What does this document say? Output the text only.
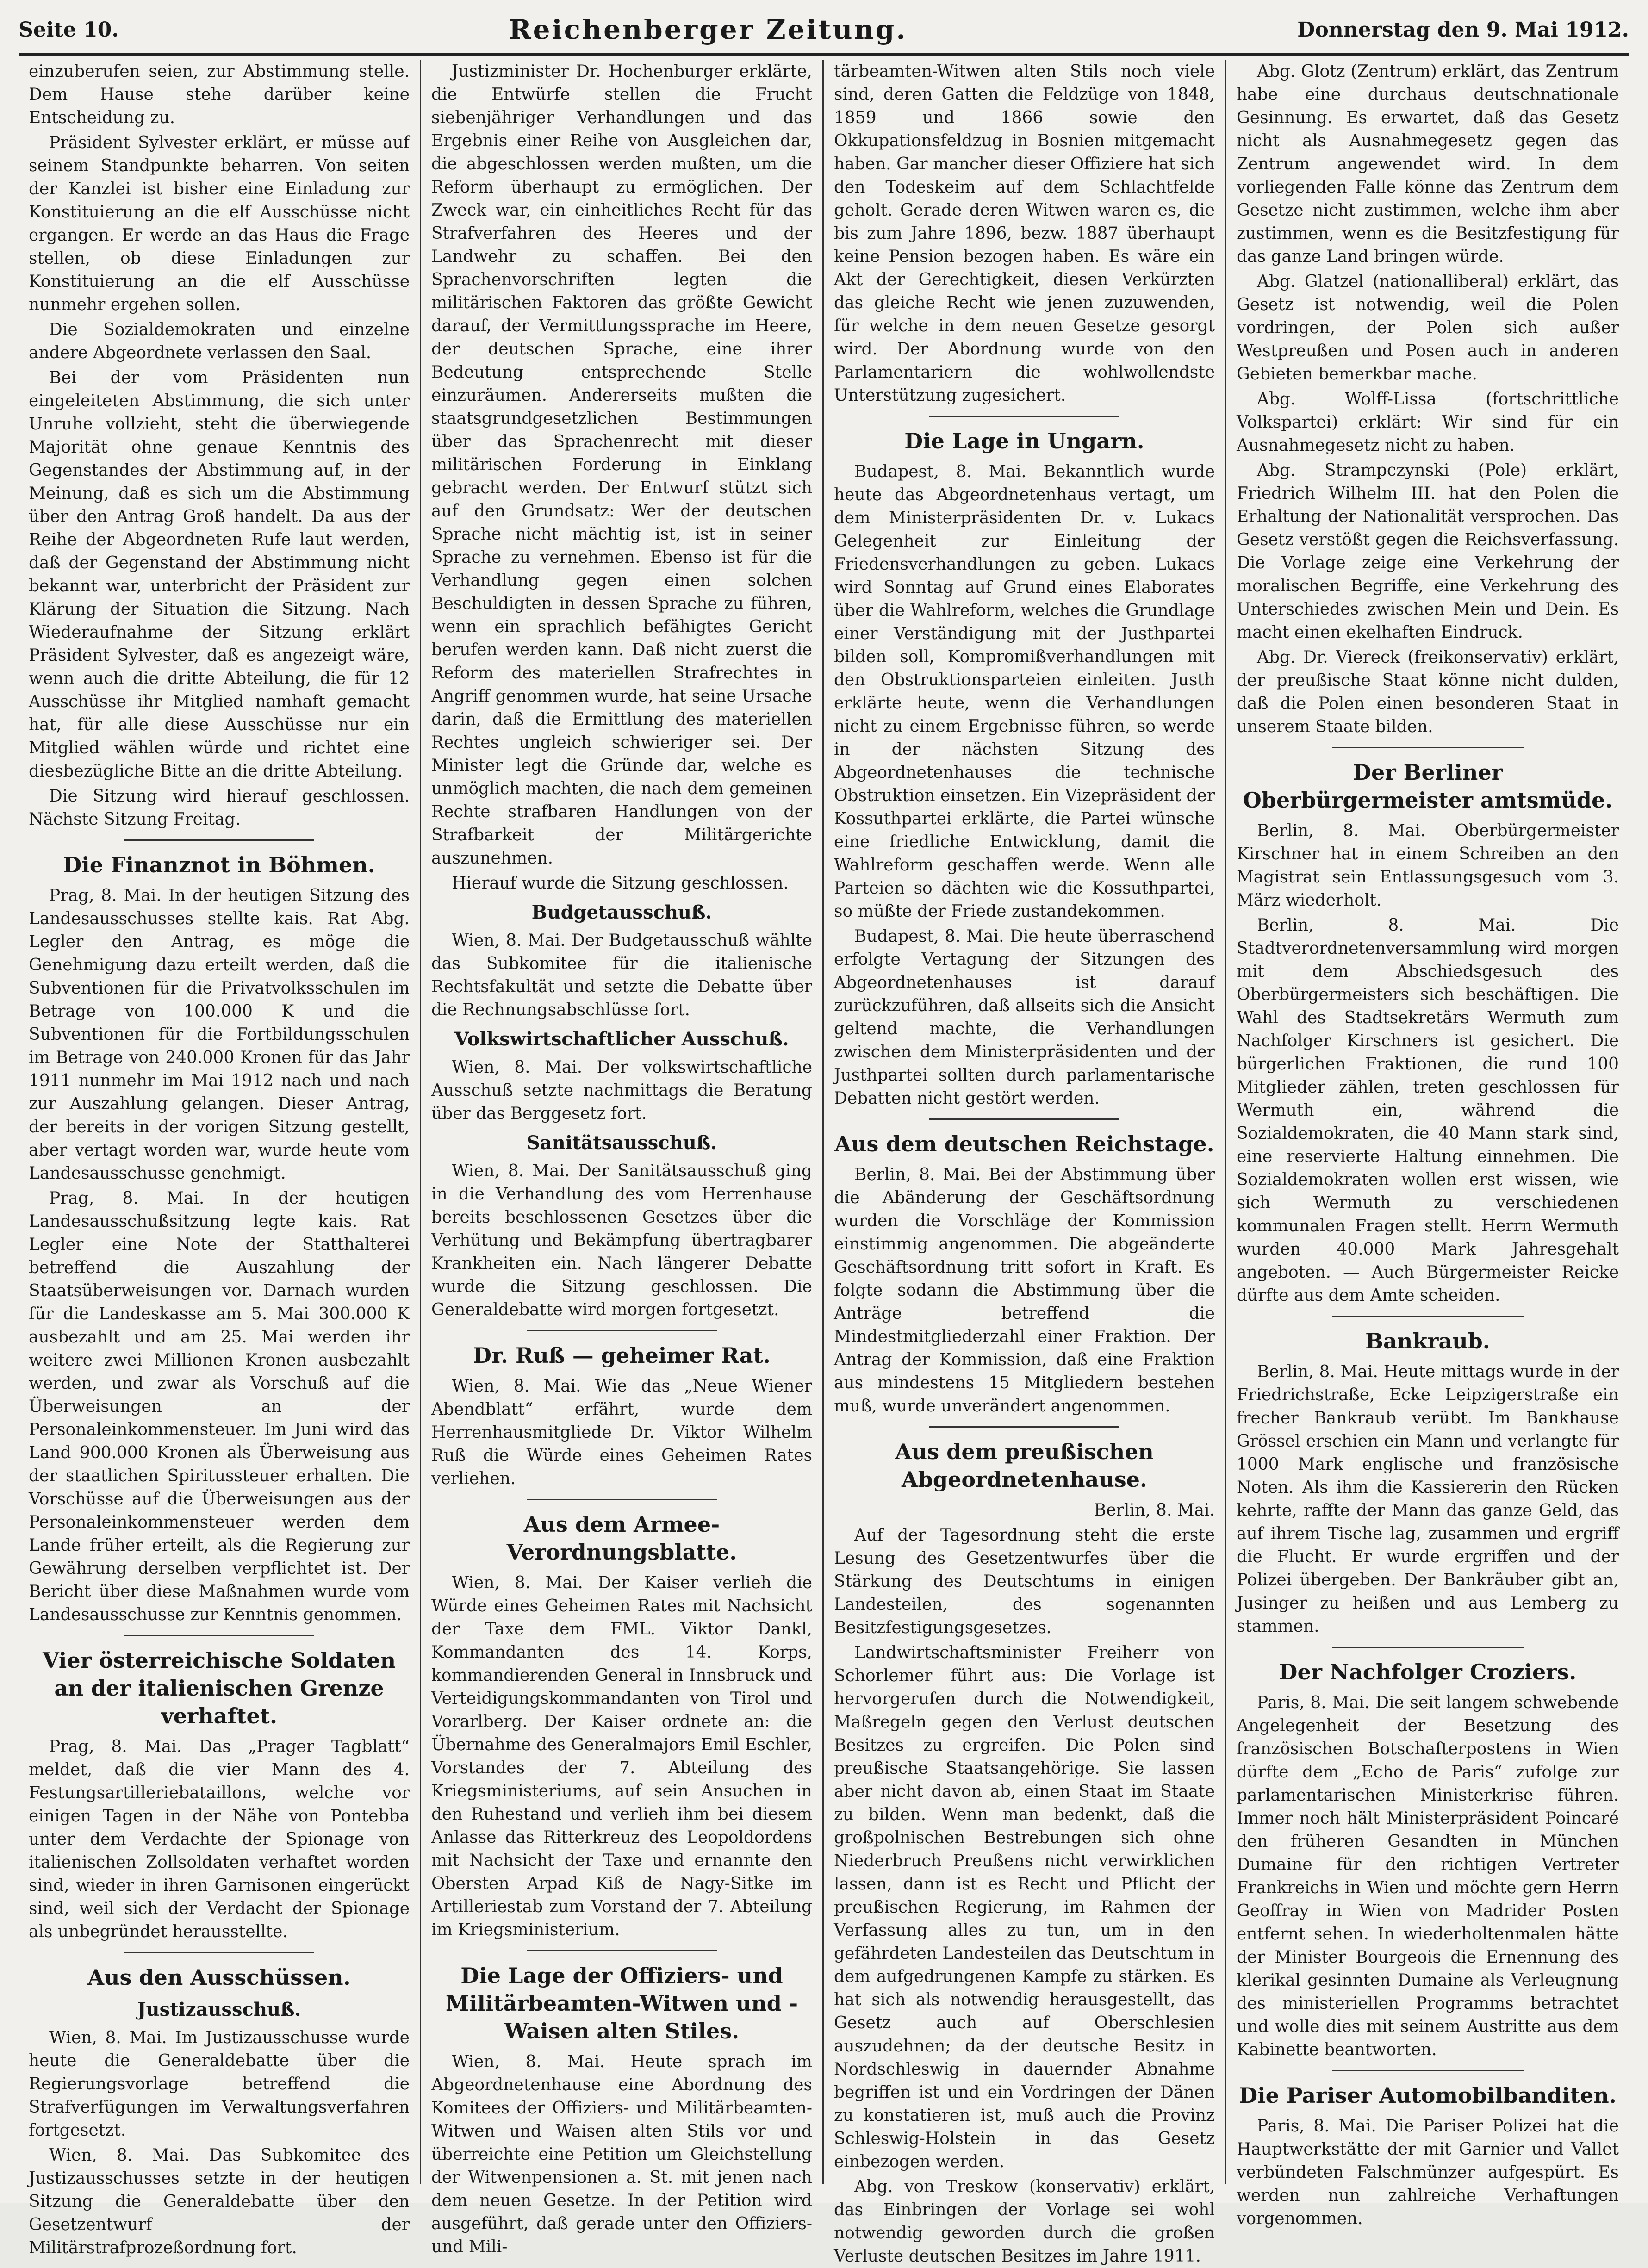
Seite 10.	Reichenberger Zeitung.	Donnerstag den 9. Mai 1912.

einzuberufen seien, zur Abstimmung stelle. Dem Hause stehe darüber keine Entscheidung zu.

Präsident Sylvester erklärt, er müsse auf seinem Standpunkte beharren. Von seiten der Kanzlei ist bisher eine Einladung zur Konstituierung an die elf Ausschüsse nicht ergangen. Er werde an das Haus die Frage stellen, ob diese Einladungen zur Konstituierung an die elf Ausschüsse nunmehr ergehen sollen.

Die Sozialdemokraten und einzelne andere Abgeordnete verlassen den Saal.

Bei der vom Präsidenten nun eingeleiteten Abstimmung, die sich unter Unruhe vollzieht, steht die überwiegende Majorität ohne genaue Kenntnis des Gegenstandes der Abstimmung auf, in der Meinung, daß es sich um die Abstimmung über den Antrag Groß handelt. Da aus der Reihe der Abgeordneten Rufe laut werden, daß der Gegenstand der Abstimmung nicht bekannt war, unterbricht der Präsident zur Klärung der Situation die Sitzung. Nach Wiederaufnahme der Sitzung erklärt Präsident Sylvester, daß es angezeigt wäre, wenn auch die dritte Abteilung, die für 12 Ausschüsse ihr Mitglied namhaft gemacht hat, für alle diese Ausschüsse nur ein Mitglied wählen würde und richtet eine diesbezügliche Bitte an die dritte Abteilung.

Die Sitzung wird hierauf geschlossen. Nächste Sitzung Freitag.

Die Finanznot in Böhmen.

Prag, 8. Mai. In der heutigen Sitzung des Landesausschusses stellte kais. Rat Abg. Legler den Antrag, es möge die Genehmigung dazu erteilt werden, daß die Subventionen für die Privatvolksschulen im Betrage von 100.000 K und die Subventionen für die Fortbildungsschulen im Betrage von 240.000 Kronen für das Jahr 1911 nunmehr im Mai 1912 nach und nach zur Auszahlung gelangen. Dieser Antrag, der bereits in der vorigen Sitzung gestellt, aber vertagt worden war, wurde heute vom Landesausschusse genehmigt.

Prag, 8. Mai. In der heutigen Landesausschußsitzung legte kais. Rat Legler eine Note der Statthalterei betreffend die Auszahlung der Staatsüberweisungen vor. Darnach wurden für die Landeskasse am 5. Mai 300.000 K ausbezahlt und am 25. Mai werden ihr weitere zwei Millionen Kronen ausbezahlt werden, und zwar als Vorschuß auf die Überweisungen an der Personaleinkommensteuer. Im Juni wird das Land 900.000 Kronen als Überweisung aus der staatlichen Spiritussteuer erhalten. Die Vorschüsse auf die Überweisungen aus der Personaleinkommensteuer werden dem Lande früher erteilt, als die Regierung zur Gewährung derselben verpflichtet ist. Der Bericht über diese Maßnahmen wurde vom Landesausschusse zur Kenntnis genommen.

Vier österreichische Soldaten an der italienischen Grenze verhaftet.

Prag, 8. Mai. Das „Prager Tagblatt“ meldet, daß die vier Mann des 4. Festungsartilleriebataillons, welche vor einigen Tagen in der Nähe von Pontebba unter dem Verdachte der Spionage von italienischen Zollsoldaten verhaftet worden sind, wieder in ihren Garnisonen eingerückt sind, weil sich der Verdacht der Spionage als unbegründet herausstellte.

Aus den Ausschüssen.
Justizausschuß.

Wien, 8. Mai. Im Justizausschusse wurde heute die Generaldebatte über die Regierungsvorlage betreffend die Strafverfügungen im Verwaltungsverfahren fortgesetzt.

Wien, 8. Mai. Das Subkomitee des Justizausschusses setzte in der heutigen Sitzung die Generaldebatte über den Gesetzentwurf der Militärstrafprozeßordnung fort.

Justizminister Dr. Hochenburger erklärte, die Entwürfe stellen die Frucht siebenjähriger Verhandlungen und das Ergebnis einer Reihe von Ausgleichen dar, die abgeschlossen werden mußten, um die Reform überhaupt zu ermöglichen. Der Zweck war, ein einheitliches Recht für das Strafverfahren des Heeres und der Landwehr zu schaffen. Bei den Sprachenvorschriften legten die militärischen Faktoren das größte Gewicht darauf, der Vermittlungssprache im Heere, der deutschen Sprache, eine ihrer Bedeutung entsprechende Stelle einzuräumen. Andererseits mußten die staatsgrundgesetzlichen Bestimmungen über das Sprachenrecht mit dieser militärischen Forderung in Einklang gebracht werden. Der Entwurf stützt sich auf den Grundsatz: Wer der deutschen Sprache nicht mächtig ist, ist in seiner Sprache zu vernehmen. Ebenso ist für die Verhandlung gegen einen solchen Beschuldigten in dessen Sprache zu führen, wenn ein sprachlich befähigtes Gericht berufen werden kann. Daß nicht zuerst die Reform des materiellen Strafrechtes in Angriff genommen wurde, hat seine Ursache darin, daß die Ermittlung des materiellen Rechtes ungleich schwieriger sei. Der Minister legt die Gründe dar, welche es unmöglich machten, die nach dem gemeinen Rechte strafbaren Handlungen von der Strafbarkeit der Militärgerichte auszunehmen.

Hierauf wurde die Sitzung geschlossen.

Budgetausschuß.

Wien, 8. Mai. Der Budgetausschuß wählte das Subkomitee für die italienische Rechtsfakultät und setzte die Debatte über die Rechnungsabschlüsse fort.

Volkswirtschaftlicher Ausschuß.

Wien, 8. Mai. Der volkswirtschaftliche Ausschuß setzte nachmittags die Beratung über das Berggesetz fort.

Sanitätsausschuß.

Wien, 8. Mai. Der Sanitätsausschuß ging in die Verhandlung des vom Herrenhause bereits beschlossenen Gesetzes über die Verhütung und Bekämpfung übertragbarer Krankheiten ein. Nach längerer Debatte wurde die Sitzung geschlossen. Die Generaldebatte wird morgen fortgesetzt.

Dr. Ruß — geheimer Rat.

Wien, 8. Mai. Wie das „Neue Wiener Abendblatt“ erfährt, wurde dem Herrenhausmitgliede Dr. Viktor Wilhelm Ruß die Würde eines Geheimen Rates verliehen.

Aus dem Armee-Verordnungsblatte.

Wien, 8. Mai. Der Kaiser verlieh die Würde eines Geheimen Rates mit Nachsicht der Taxe dem FML. Viktor Dankl, Kommandanten des 14. Korps, kommandierenden General in Innsbruck und Verteidigungskommandanten von Tirol und Vorarlberg. Der Kaiser ordnete an: die Übernahme des Generalmajors Emil Eschler, Vorstandes der 7. Abteilung des Kriegsministeriums, auf sein Ansuchen in den Ruhestand und verlieh ihm bei diesem Anlasse das Ritterkreuz des Leopoldordens mit Nachsicht der Taxe und ernannte den Obersten Arpad Kiß de Nagy-Sitke im Artilleriestab zum Vorstand der 7. Abteilung im Kriegsministerium.

Die Lage der Offiziers- und Militärbeamten-Witwen und -Waisen alten Stiles.

Wien, 8. Mai. Heute sprach im Abgeordnetenhause eine Abordnung des Komitees der Offiziers- und Militärbeamten-Witwen und Waisen alten Stils vor und überreichte eine Petition um Gleichstellung der Witwenpensionen a. St. mit jenen nach dem neuen Gesetze. In der Petition wird ausgeführt, daß gerade unter den Offiziers- und Mili-

tärbeamten-Witwen alten Stils noch viele sind, deren Gatten die Feldzüge von 1848, 1859 und 1866 sowie den Okkupationsfeldzug in Bosnien mitgemacht haben. Gar mancher dieser Offiziere hat sich den Todeskeim auf dem Schlachtfelde geholt. Gerade deren Witwen waren es, die bis zum Jahre 1896, bezw. 1887 überhaupt keine Pension bezogen haben. Es wäre ein Akt der Gerechtigkeit, diesen Verkürzten das gleiche Recht wie jenen zuzuwenden, für welche in dem neuen Gesetze gesorgt wird. Der Abordnung wurde von den Parlamentariern die wohlwollendste Unterstützung zugesichert.

Die Lage in Ungarn.

Budapest, 8. Mai. Bekanntlich wurde heute das Abgeordnetenhaus vertagt, um dem Ministerpräsidenten Dr. v. Lukacs Gelegenheit zur Einleitung der Friedensverhandlungen zu geben. Lukacs wird Sonntag auf Grund eines Elaborates über die Wahlreform, welches die Grundlage einer Verständigung mit der Justhpartei bilden soll, Kompromißverhandlungen mit den Obstruktionsparteien einleiten. Justh erklärte heute, wenn die Verhandlungen nicht zu einem Ergebnisse führen, so werde in der nächsten Sitzung des Abgeordnetenhauses die technische Obstruktion einsetzen. Ein Vizepräsident der Kossuthpartei erklärte, die Partei wünsche eine friedliche Entwicklung, damit die Wahlreform geschaffen werde. Wenn alle Parteien so dächten wie die Kossuthpartei, so müßte der Friede zustandekommen.

Budapest, 8. Mai. Die heute überraschend erfolgte Vertagung der Sitzungen des Abgeordnetenhauses ist darauf zurückzuführen, daß allseits sich die Ansicht geltend machte, die Verhandlungen zwischen dem Ministerpräsidenten und der Justhpartei sollten durch parlamentarische Debatten nicht gestört werden.

Aus dem deutschen Reichstage.

Berlin, 8. Mai. Bei der Abstimmung über die Abänderung der Geschäftsordnung wurden die Vorschläge der Kommission einstimmig angenommen. Die abgeänderte Geschäftsordnung tritt sofort in Kraft. Es folgte sodann die Abstimmung über die Anträge betreffend die Mindestmitgliederzahl einer Fraktion. Der Antrag der Kommission, daß eine Fraktion aus mindestens 15 Mitgliedern bestehen muß, wurde unverändert angenommen.

Aus dem preußischen Abgeordnetenhause.
Berlin, 8. Mai.

Auf der Tagesordnung steht die erste Lesung des Gesetzentwurfes über die Stärkung des Deutschtums in einigen Landesteilen, des sogenannten Besitzfestigungsgesetzes.

Landwirtschaftsminister Freiherr von Schorlemer führt aus: Die Vorlage ist hervorgerufen durch die Notwendigkeit, Maßregeln gegen den Verlust deutschen Besitzes zu ergreifen. Die Polen sind preußische Staatsangehörige. Sie lassen aber nicht davon ab, einen Staat im Staate zu bilden. Wenn man bedenkt, daß die großpolnischen Bestrebungen sich ohne Niederbruch Preußens nicht verwirklichen lassen, dann ist es Recht und Pflicht der preußischen Regierung, im Rahmen der Verfassung alles zu tun, um in den gefährdeten Landesteilen das Deutschtum in dem aufgedrungenen Kampfe zu stärken. Es hat sich als notwendig herausgestellt, das Gesetz auch auf Oberschlesien auszudehnen; da der deutsche Besitz in Nordschleswig in dauernder Abnahme begriffen ist und ein Vordringen der Dänen zu konstatieren ist, muß auch die Provinz Schleswig-Holstein in das Gesetz einbezogen werden.

Abg. von Treskow (konservativ) erklärt, das Einbringen der Vorlage sei wohl notwendig geworden durch die großen Verluste deutschen Besitzes im Jahre 1911.

Abg. Glotz (Zentrum) erklärt, das Zentrum habe eine durchaus deutschnationale Gesinnung. Es erwartet, daß das Gesetz nicht als Ausnahmegesetz gegen das Zentrum angewendet wird. In dem vorliegenden Falle könne das Zentrum dem Gesetze nicht zustimmen, welche ihm aber zustimmen, wenn es die Besitzfestigung für das ganze Land bringen würde.

Abg. Glatzel (nationalliberal) erklärt, das Gesetz ist notwendig, weil die Polen vordringen, der Polen sich außer Westpreußen und Posen auch in anderen Gebieten bemerkbar mache.

Abg. Wolff-Lissa (fortschrittliche Volkspartei) erklärt: Wir sind für ein Ausnahmegesetz nicht zu haben.

Abg. Strampczynski (Pole) erklärt, Friedrich Wilhelm III. hat den Polen die Erhaltung der Nationalität versprochen. Das Gesetz verstößt gegen die Reichsverfassung. Die Vorlage zeige eine Verkehrung der moralischen Begriffe, eine Verkehrung des Unterschiedes zwischen Mein und Dein. Es macht einen ekelhaften Eindruck.

Abg. Dr. Viereck (freikonservativ) erklärt, der preußische Staat könne nicht dulden, daß die Polen einen besonderen Staat in unserem Staate bilden.

Der Berliner Oberbürgermeister amtsmüde.

Berlin, 8. Mai. Oberbürgermeister Kirschner hat in einem Schreiben an den Magistrat sein Entlassungsgesuch vom 3. März wiederholt.

Berlin, 8. Mai. Die Stadtverordnetenversammlung wird morgen mit dem Abschiedsgesuch des Oberbürgermeisters sich beschäftigen. Die Wahl des Stadtsekretärs Wermuth zum Nachfolger Kirschners ist gesichert. Die bürgerlichen Fraktionen, die rund 100 Mitglieder zählen, treten geschlossen für Wermuth ein, während die Sozialdemokraten, die 40 Mann stark sind, eine reservierte Haltung einnehmen. Die Sozialdemokraten wollen erst wissen, wie sich Wermuth zu verschiedenen kommunalen Fragen stellt. Herrn Wermuth wurden 40.000 Mark Jahresgehalt angeboten. — Auch Bürgermeister Reicke dürfte aus dem Amte scheiden.

Bankraub.

Berlin, 8. Mai. Heute mittags wurde in der Friedrichstraße, Ecke Leipzigerstraße ein frecher Bankraub verübt. Im Bankhause Grössel erschien ein Mann und verlangte für 1000 Mark englische und französische Noten. Als ihm die Kassiererin den Rücken kehrte, raffte der Mann das ganze Geld, das auf ihrem Tische lag, zusammen und ergriff die Flucht. Er wurde ergriffen und der Polizei übergeben. Der Bankräuber gibt an, Jusinger zu heißen und aus Lemberg zu stammen.

Der Nachfolger Croziers.

Paris, 8. Mai. Die seit langem schwebende Angelegenheit der Besetzung des französischen Botschafterpostens in Wien dürfte dem „Echo de Paris“ zufolge zur parlamentarischen Ministerkrise führen. Immer noch hält Ministerpräsident Poincaré den früheren Gesandten in München Dumaine für den richtigen Vertreter Frankreichs in Wien und möchte gern Herrn Geoffray in Wien von Madrider Posten entfernt sehen. In wiederholtenmalen hätte der Minister Bourgeois die Ernennung des klerikal gesinnten Dumaine als Verleugnung des ministeriellen Programms betrachtet und wolle dies mit seinem Austritte aus dem Kabinette beantworten.

Die Pariser Automobilbanditen.

Paris, 8. Mai. Die Pariser Polizei hat die Hauptwerkstätte der mit Garnier und Vallet verbündeten Falschmünzer aufgespürt. Es werden nun zahlreiche Verhaftungen vorgenommen.
